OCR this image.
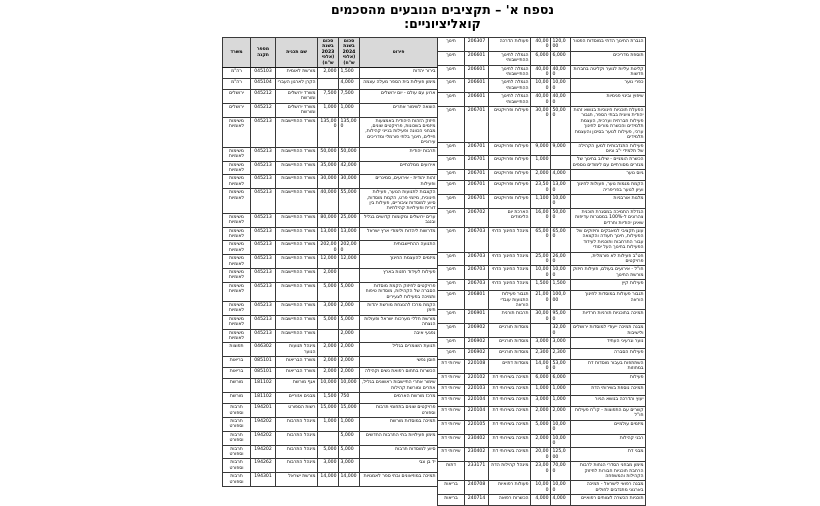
נספח א' – תקציבים הנובעים מהסכמים קואליציוניים:
הגברת החינוך הדתי במוסדות הפטור	120,000	40,000	פעולות הדרכה	206307	חינוך
תוספת מדריכים	6,000	6,000	הגמלה לחינוך ההתיישבותי	206601	חינוך
קליטת עליות לנוער וקליטה בחברות חדשות	40,000	40,000	הגמלה לחינוך ההתיישבותי	206601	חינוך
כפרי נוער	10,000	10,000	הגמלה לחינוך ההתיישבותי	206601	חינוך
שיפוץ ובינוי פנימיות	40,000	40,000	הגמלה לחינוך ההתיישבותי	206601	חינוך
הפעלת תוכניות חינוכיות בנושא זהות יהודית ציונית בבתי הספר, תגבור פעילות חברתית וערכית, העצמת תלמידים והכשרת מורים לחינוך ערכי, פעילות לנוער בסיכון והעצמת תלמידים	50,000	30,000	פעילות ופרויקטים	206701	חינוך
פעילות התנדבותית למען הקהילה של תלמידי י"ב וגיוס	9,000	9,000	פעילות ופרויקטים	206701	חינוך
הכשרת הומניים - שילוב בחינוך של מגזרים מסורתיים עם לימודים נוספים		1,000	פעילות ופרויקטים	206701	חינוך
גיוס נוער	4,000	2,000	פעילות ופרויקטים	206701	חינוך
הקמת מגמות נוער, פעולות לחינוך ועיון לנוער בפריפריה	13,000	23,500	פעילות ופרויקטים	206701	חינוך
מלגות אורבניות	10,000	1,100	פעילות ופרויקטים	206701	חינוך
הגדלת התמיכה במסגרת תוכנית צהרונים ל-100% במסגרות עדיפות שאינן יהודיות וחרדים	50,000	16,000	הארכת יום הלימודים	206702	חינוך
עוגן תקציבי למאבקים וחיזוקים של הפעילות, חינוך תעודה והקצאה עבור התרחבות ותוכניות לעידוד הפעילות בחינוך העל יסודי	65,000	65,000	מינהל החינוך הדתי	206703	חינוך
חט"ב פעילות לא פורמלית, פרויקטים	26,000	25,000	מינהל החינוך הדתי	206703	חינוך
חו"ל - אירועים בעולם, פעילות חיזוק מורשת החינוך	10,000	10,000	מינהל החינוך הדתי	206703	חינוך
פעילות קיץ	1,500	1,500	מינהל החינוך הדתי	206703	חינוך
תגבור פעולות במוסדות לחינוך הוראה	100,000	21,000	תגבור פעילות התנועות עובדי הוראה	206801	חינוך
תמיכה בתוכניות תורניות חרדיות	95,000	30,000	תרבות תורנית	206901	חינוך
מבנה תמיכה ייעודי למוסדות ירושלים ולישיבות	32,000		מוסדות תורניים	206902	חינוך
נוער וגרעיני העתיד	3,000	3,000	מוסדות תורניים	206902	חינוך
פעילות הסברה	2,300	2,300	מוסדות תורניים	206902	חינוך
השתתפות בעבור מוסדות דת במחוזות	53,000	14,000	מוסדות דתיים	220108	שירותי דת
פעילות	6,000	6,000	תמיכה בשירותי דת	220102	שירותי דת
תמיכה נוספת בשירותי הדת	1,000	1,000	תמיכה בשירותי דת	220103	שירותי דת
יעוץ והדרכה בנושא הגיור	1,000	3,000	תמיכה בשירותי דת	220104	שירותי דת
קשרים עם התפוצות - קו"ח פעילות חו"ל	2,000	2,000	תמיכה בשירותי דת	220104	שירותי דת
מיזמים עולמיים	10,000	5,000	תמיכה בשירותי דת	220105	שירותי דת
רבני קהילות	10,000	2,000	תמיכה בשירותי דת	230402	שירותי דת
מבני דת	125,000	20,000	תמיכה בשירותי דת	230402	שירותי דת
מימון מבחני הסדרי הנחות לרבות הרחבת תוכניות חבורות לחיזוק הקהילות והמשפחה	70,000	23,000	מינהל קהילות הדת	233171	דתות
מבנה רפואי לישראל - תמיכה בארגוני מתנדבים לחולים	10,000	10,000	פעולות רפואיות	240708	בריאות
תוכניות הכשרה לצוותים רפואיים	4,000	4,000	הכשרות רפואה	240714	בריאות
פירוט	סכום בשנת 2024 (אלפי ש"ח)	סכום בשנת 2023 (אלפי ש"ח)	שם תכנית	מספר תקנה	משרד
בירור יהדות	1,500	2,000	מורשת לאומית	045103	רה"מ
מימון פעילות בית הספר מעלה עצמה	4,000		הקרן לארגון העברי	045104	רה"מ
ארוע עם עולם - יום ירושלים	7,500	7,500	משרד ירושלים ומורשת	045212	ירושלים
הוצאה לשימור אתרים	1,000	1,000	משרד ירושלים ומורשת	045212	ירושלים
חיזוק הזהות היהודית באמצעות מיזמים בשכונות, פרויקטים שונים, מבחני הכוונה ופעילות בנייני קהילות, חיילים, חינוך בלתי פורמלי ומדריכים עירוניים	135,000	135,000	משרד ההתיישבות	045213	משימות לאומיות
תרבות יהודית	50,000	50,000	משרד ההתיישבות	045213	משימות לאומיות
אירועים ממלכתיים	42,000	35,000	משרד ההתיישבות	045213	משימות לאומיות
זהות יהודית - אירועים, סמינרים ופעילות	30,000	30,000	משרד ההתיישבות	045213	משימות לאומיות
הקצבות לתנועות הנוער, פעילות חינוכית, מיזמי פרט, הקמת מוסדות, סיוע למוסדות ציבוריים, פעילות בין דורית ופעילויות קהילתיות	55,000	40,000	משרד ההתיישבות	045213	משימות לאומיות
ערים ירושלים ומקומות קדושים בגליל ובנגב	25,000	80,000	משרד ההתיישבות	045213	משימות לאומיות
מדרשות ליהדות ולימודי ארץ ישראל	13,000	13,000	משרד ההתיישבות	045213	משימות לאומיות
התנועה ההתיישבותית	202,000	202,000	משרד ההתיישבות	045213	משימות לאומיות
מיזמים להעצמת החינוך	12,000	12,000	משרד ההתיישבות	045213	משימות לאומיות
פעילות לעידוד חזנות בארץ		2,000	משרד ההתיישבות	045213	משימות לאומיות
פרויקטים לחיזוק הקמת מוסדות הסברה של הקהילות, מוסדות טיפוח ותמיכה בפעילות לצעירים	5,000	5,000	משרד ההתיישבות	045213	משימות לאומיות
הקמת מרכז להנצחת מורשת יהדות תימן	2,000	3,000	משרד ההתיישבות	045213	משימות לאומיות
מורשת חללי מערכות ישראל ופעולות הנצחה	5,000	5,000	משרד ההתיישבות	045213	משימות לאומיות
נפגעי איבה	2,000		משרד ההתיישבות	045213	משימות לאומיות
תנועת השומרים בגליל	2,000	2,000	מינהל תנועות הנוער	046302	תפוצות
חוסן נפשי	2,000	2,000	משרד הבריאות	085101	בריאות
הכשרות בתחום רפואת נשים וקהילה	2,000	2,000	משרד הבריאות	085101	בריאות
שימור אתרי התיישבות ראשונים בגליל, אתרים ומורשת קהילות	10,000	10,000	אגף מורשת	181102	מורשת
מרכז מורשת הארמים	750	1,500	מבנים אזוריים	181102	מורשת
פרויקטים שונים בתחומי תרבות וספורט	15,000	15,000	רשות הספורט	194201	תרבות וספורט
תמיכה במוסדות מורשת	1,000	1,000	מינהל התרבות	194202	תרבות וספורט
מימון פעילויות בתי התרבות החדשים	5,000		מינהל התרבות	194202	תרבות וספורט
סיוע למוסדות תרבות	5,000	5,000	מינהל התרבות	194202	תרבות וספורט
יד בן צבי	3,000	3,000	מינהל התרבות	194262	תרבות וספורט
תמיכה במוזיאונים ובתי ספר לאמנויות	14,000	14,000	מורשת ישראל	194301	תרבות וספורט
